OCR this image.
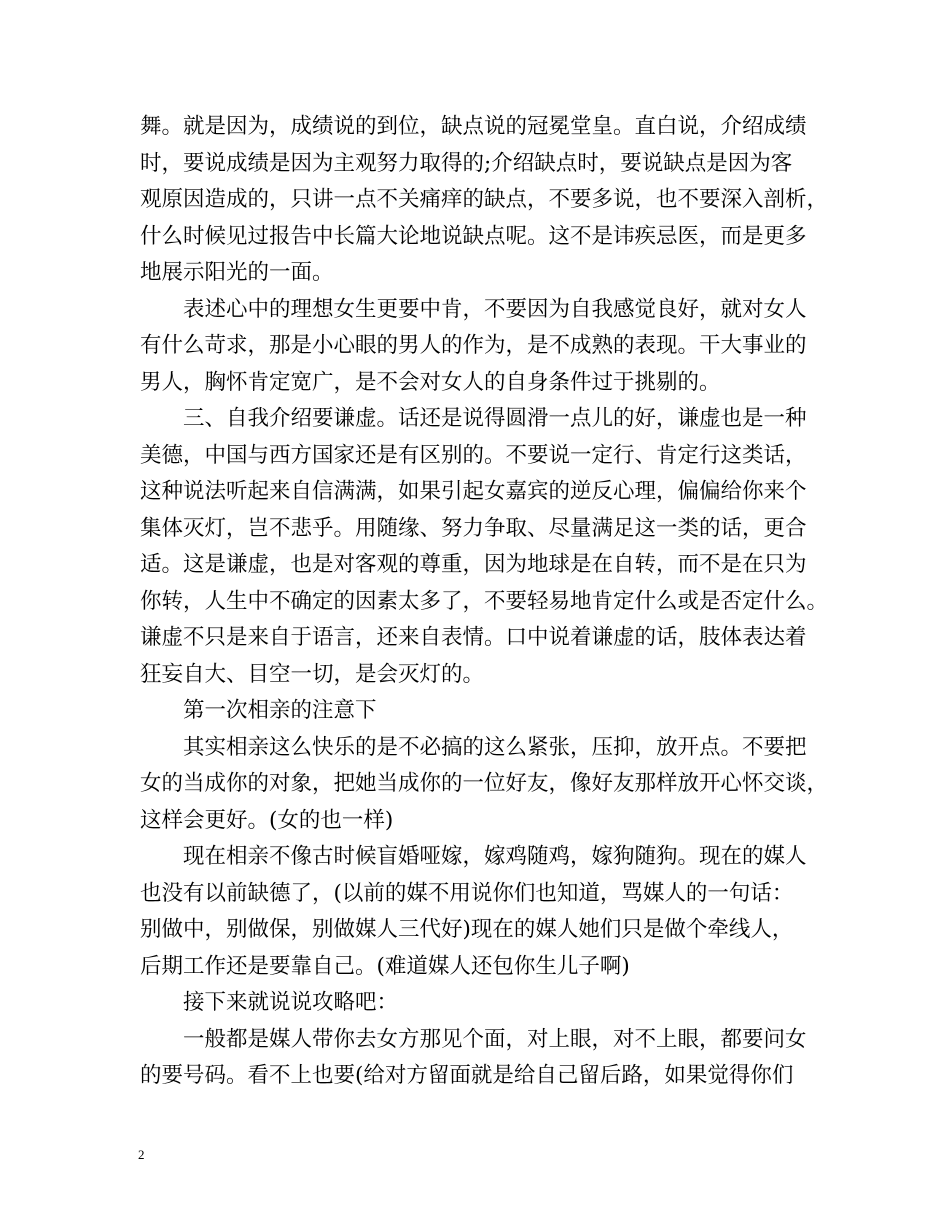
舞。就是因为，成绩说的到位，缺点说的冠冕堂皇。直白说，介绍成绩
时，要说成绩是因为主观努力取得的;介绍缺点时，要说缺点是因为客
观原因造成的，只讲一点不关痛痒的缺点，不要多说，也不要深入剖析，
什么时候见过报告中长篇大论地说缺点呢。这不是讳疾忌医，而是更多
地展示阳光的一面。
表述心中的理想女生更要中肯，不要因为自我感觉良好，就对女人
有什么苛求，那是小心眼的男人的作为，是不成熟的表现。干大事业的
男人，胸怀肯定宽广，是不会对女人的自身条件过于挑剔的。
三、自我介绍要谦虚。话还是说得圆滑一点儿的好，谦虚也是一种
美德，中国与西方国家还是有区别的。不要说一定行、肯定行这类话，
这种说法听起来自信满满，如果引起女嘉宾的逆反心理，偏偏给你来个
集体灭灯，岂不悲乎。用随缘、努力争取、尽量满足这一类的话，更合
适。这是谦虚，也是对客观的尊重，因为地球是在自转，而不是在只为
你转，人生中不确定的因素太多了，不要轻易地肯定什么或是否定什么。
谦虚不只是来自于语言，还来自表情。口中说着谦虚的话，肢体表达着
狂妄自大、目空一切，是会灭灯的。
第一次相亲的注意下
其实相亲这么快乐的是不必搞的这么紧张，压抑，放开点。不要把
女的当成你的对象，把她当成你的一位好友，像好友那样放开心怀交谈，
这样会更好。(女的也一样)
现在相亲不像古时候盲婚哑嫁，嫁鸡随鸡，嫁狗随狗。现在的媒人
也没有以前缺德了，(以前的媒不用说你们也知道，骂媒人的一句话：
别做中，别做保，别做媒人三代好)现在的媒人她们只是做个牵线人，
后期工作还是要靠自己。(难道媒人还包你生儿子啊)
接下来就说说攻略吧：
一般都是媒人带你去女方那见个面，对上眼，对不上眼，都要问女
的要号码。看不上也要(给对方留面就是给自己留后路，如果觉得你们
2
